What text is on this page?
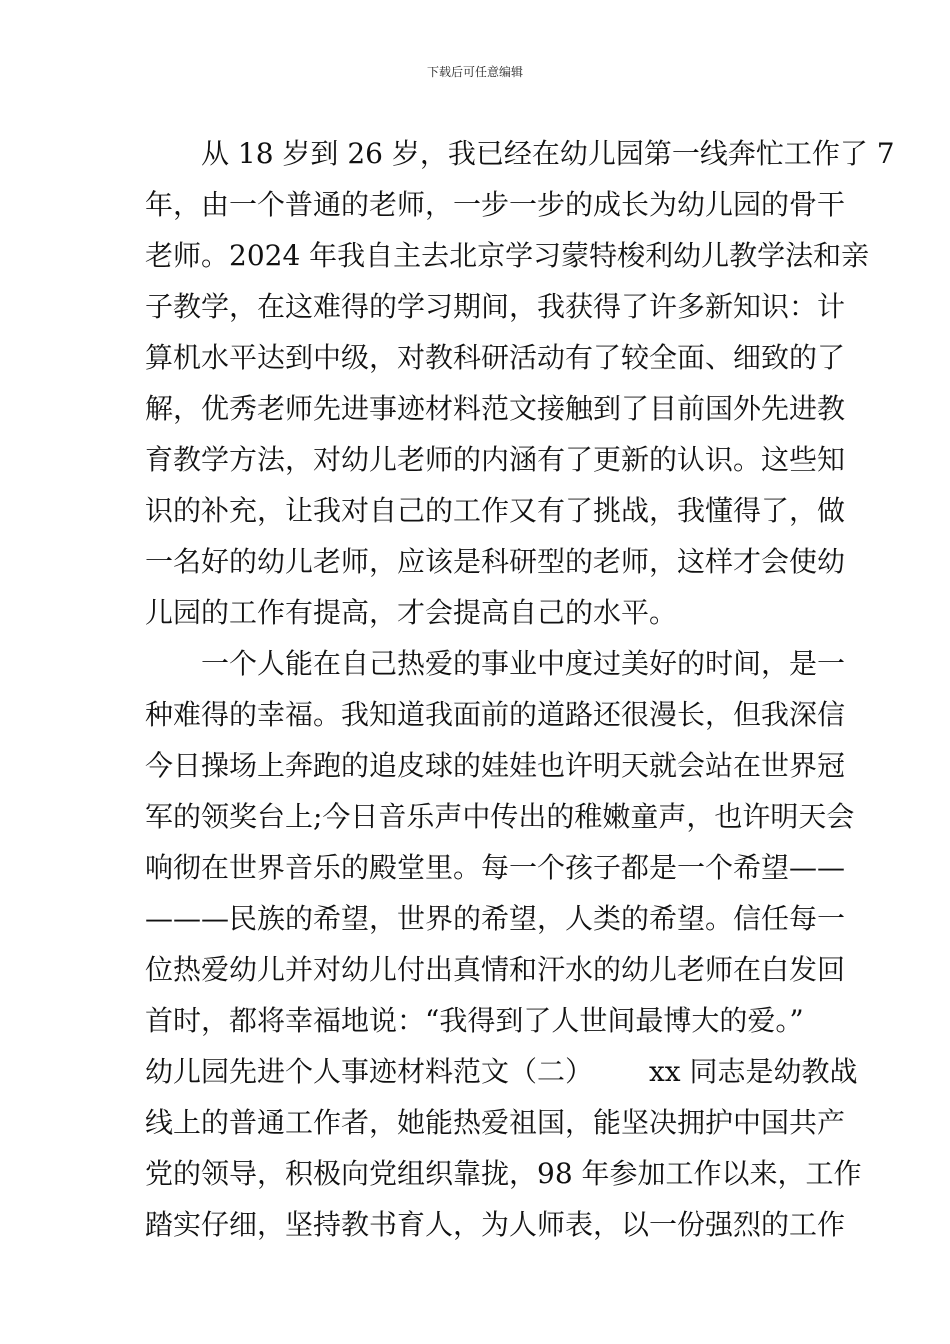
下载后可任意编辑
从 18 岁到 26 岁，我已经在幼儿园第一线奔忙工作了 7
年，由一个普通的老师，一步一步的成长为幼儿园的骨干
老师。2024 年我自主去北京学习蒙特梭利幼儿教学法和亲
子教学，在这难得的学习期间，我获得了许多新知识：计
算机水平达到中级，对教科研活动有了较全面、细致的了
解，优秀老师先进事迹材料范文接触到了目前国外先进教
育教学方法，对幼儿老师的内涵有了更新的认识。这些知
识的补充，让我对自己的工作又有了挑战，我懂得了，做
一名好的幼儿老师，应该是科研型的老师，这样才会使幼
儿园的工作有提高，才会提高自己的水平。
一个人能在自己热爱的事业中度过美好的时间，是一
种难得的幸福。我知道我面前的道路还很漫长，但我深信
今日操场上奔跑的追皮球的娃娃也许明天就会站在世界冠
军的领奖台上;今日音乐声中传出的稚嫩童声，也许明天会
响彻在世界音乐的殿堂里。每一个孩子都是一个希望——
———民族的希望，世界的希望，人类的希望。信任每一
位热爱幼儿并对幼儿付出真情和汗水的幼儿老师在白发回
首时，都将幸福地说：“我得到了人世间最博大的爱。”
幼儿园先进个人事迹材料范文（二） xx 同志是幼教战
线上的普通工作者，她能热爱祖国，能坚决拥护中国共产
党的领导，积极向党组织靠拢，98 年参加工作以来，工作
踏实仔细，坚持教书育人，为人师表，以一份强烈的工作
